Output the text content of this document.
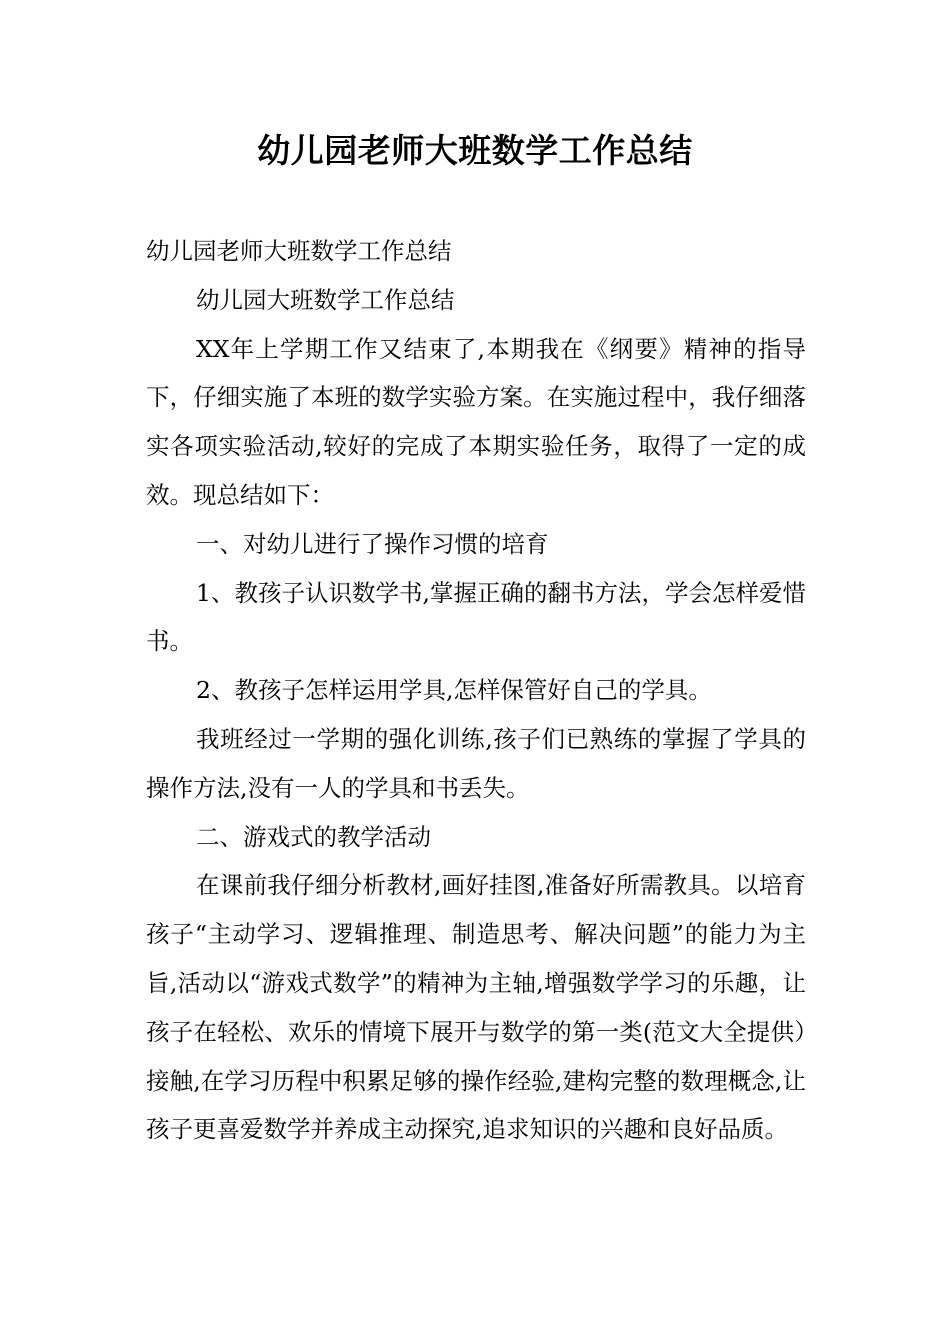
幼儿园老师大班数学工作总结

幼儿园老师大班数学工作总结

幼儿园大班数学工作总结

XX年上学期工作又结束了,本期我在《纲要》精神的指导下，仔细实施了本班的数学实验方案。在实施过程中，我仔细落实各项实验活动,较好的完成了本期实验任务，取得了一定的成效。现总结如下：

一、对幼儿进行了操作习惯的培育

1、教孩子认识数学书,掌握正确的翻书方法，学会怎样爱惜书。

2、教孩子怎样运用学具,怎样保管好自己的学具。

我班经过一学期的强化训练,孩子们已熟练的掌握了学具的操作方法,没有一人的学具和书丢失。

二、游戏式的教学活动

在课前我仔细分析教材,画好挂图,准备好所需教具。以培育孩子“主动学习、逻辑推理、制造思考、解决问题”的能力为主旨,活动以“游戏式数学”的精神为主轴,增强数学学习的乐趣，让孩子在轻松、欢乐的情境下展开与数学的第一类(范文大全提供）接触,在学习历程中积累足够的操作经验,建构完整的数理概念,让孩子更喜爱数学并养成主动探究,追求知识的兴趣和良好品质。
